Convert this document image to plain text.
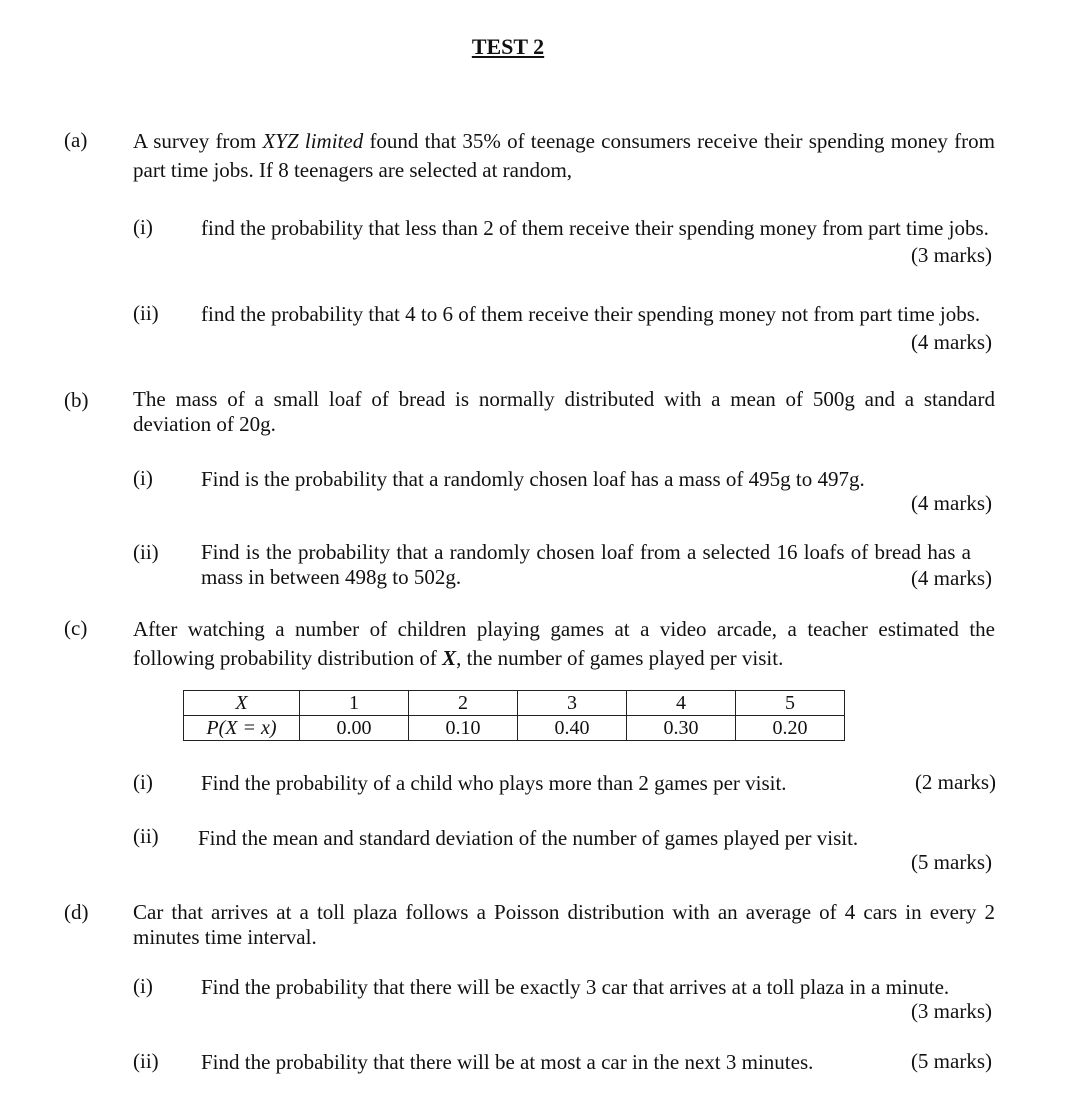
TEST 2
(a) A survey from XYZ limited found that 35% of teenage consumers receive their spending money from part time jobs. If 8 teenagers are selected at random,
(i) find the probability that less than 2 of them receive their spending money from part time jobs.
(3 marks)
(ii) find the probability that 4 to 6 of them receive their spending money not from part time jobs.
(4 marks)
(b) The mass of a small loaf of bread is normally distributed with a mean of 500g and a standard deviation of 20g.
(i) Find is the probability that a randomly chosen loaf has a mass of 495g to 497g.
(4 marks)
(ii) Find is the probability that a randomly chosen loaf from a selected 16 loafs of bread has a mass in between 498g to 502g.	(4 marks)
(c) After watching a number of children playing games at a video arcade, a teacher estimated the following probability distribution of X, the number of games played per visit.
X	1	2	3	4	5
P(X = x)	0.00	0.10	0.40	0.30	0.20
(i) Find the probability of a child who plays more than 2 games per visit.	(2 marks)
(ii) Find the mean and standard deviation of the number of games played per visit.
(5 marks)
(d) Car that arrives at a toll plaza follows a Poisson distribution with an average of 4 cars in every 2 minutes time interval.
(i) Find the probability that there will be exactly 3 car that arrives at a toll plaza in a minute.
(3 marks)
(ii) Find the probability that there will be at most a car in the next 3 minutes.	(5 marks)
